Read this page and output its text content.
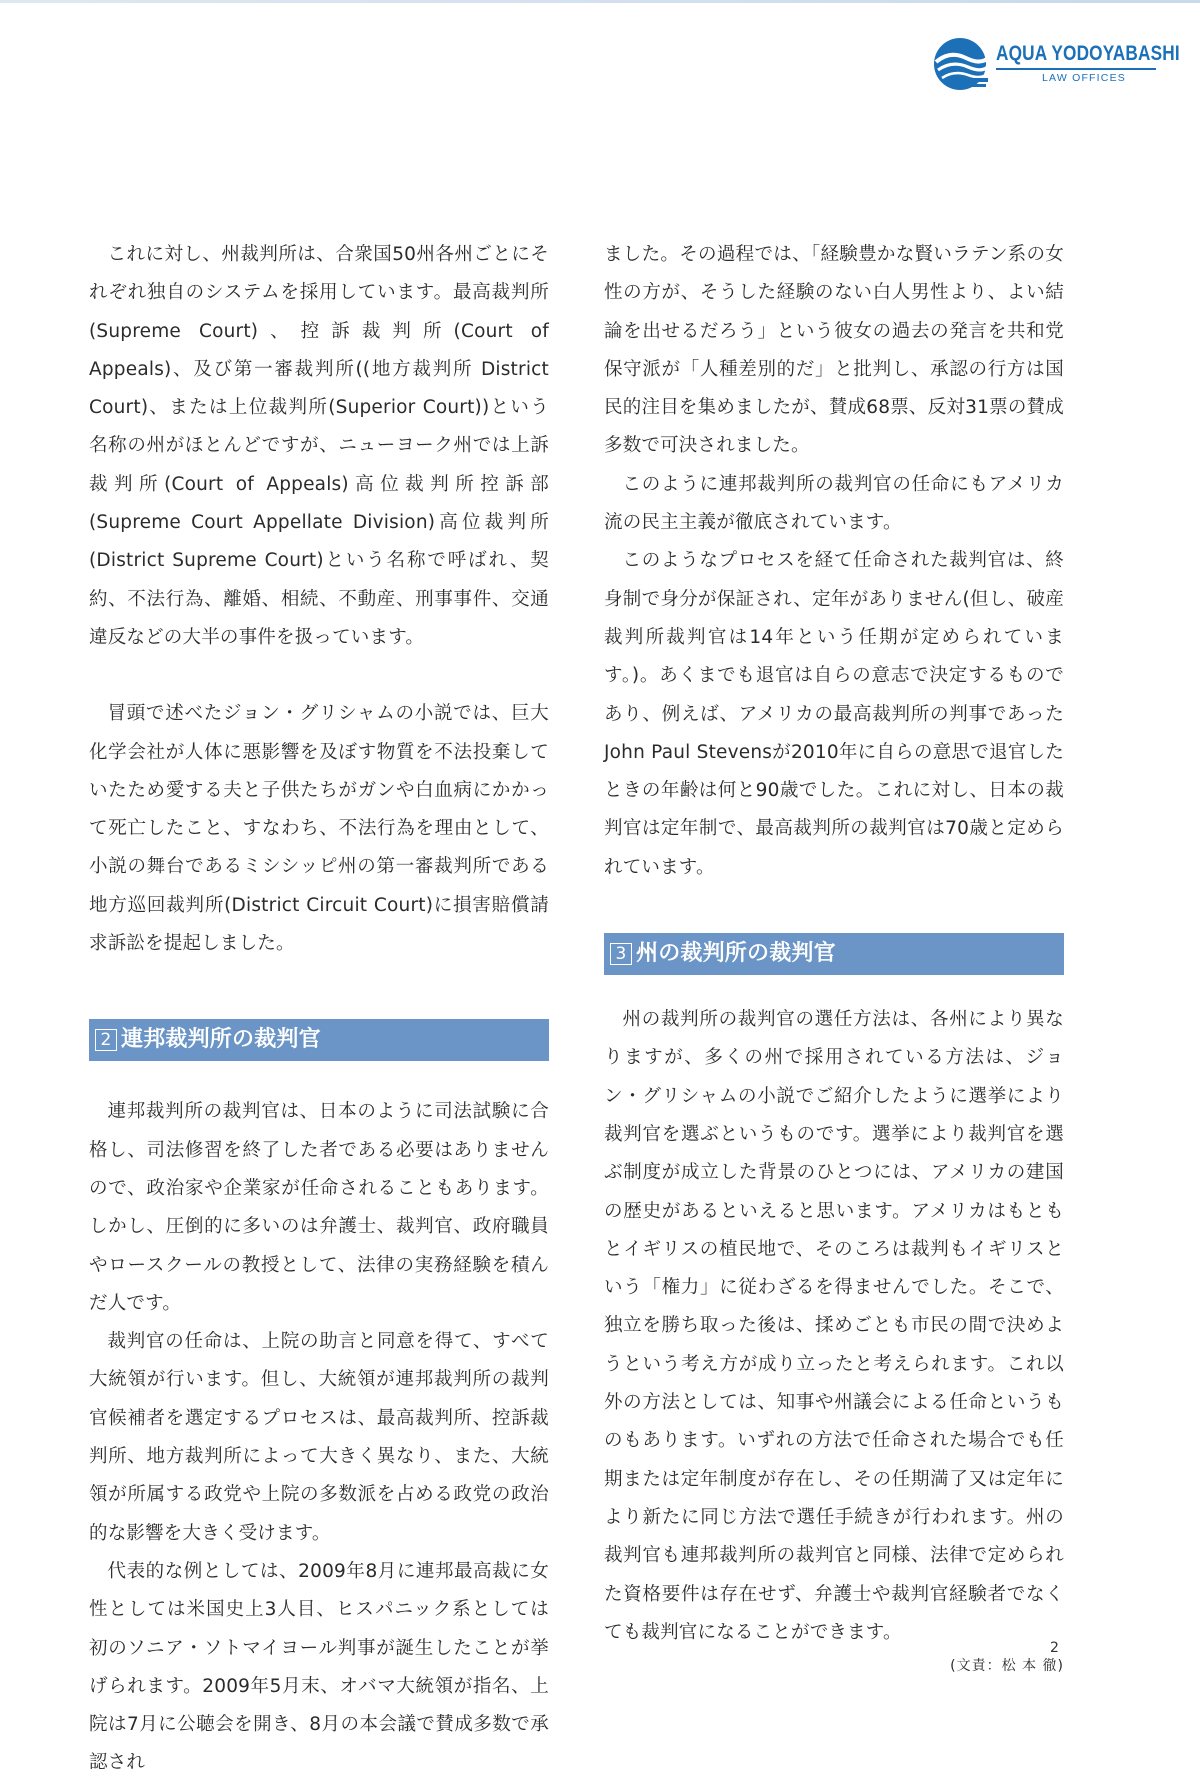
AQUA YODOYABASHI
LAW OFFICES

これに対し、州裁判所は、合衆国50州各州ごとにそれぞれ独自のシステムを採用しています。最高裁判所(Supreme Court)、控訴裁判所(Court of Appeals)、及び第一審裁判所((地方裁判所 District Court)、または上位裁判所(Superior Court))という名称の州がほとんどですが、ニューヨーク州では上訴裁判所(Court of Appeals)高位裁判所控訴部(Supreme Court Appellate Division)高位裁判所(District Supreme Court)という名称で呼ばれ、契約、不法行為、離婚、相続、不動産、刑事事件、交通違反などの大半の事件を扱っています。

冒頭で述べたジョン・グリシャムの小説では、巨大化学会社が人体に悪影響を及ぼす物質を不法投棄していたため愛する夫と子供たちがガンや白血病にかかって死亡したこと、すなわち、不法行為を理由として、小説の舞台であるミシシッピ州の第一審裁判所である地方巡回裁判所(District Circuit Court)に損害賠償請求訴訟を提起しました。

2 連邦裁判所の裁判官

連邦裁判所の裁判官は、日本のように司法試験に合格し、司法修習を終了した者である必要はありませんので、政治家や企業家が任命されることもあります。しかし、圧倒的に多いのは弁護士、裁判官、政府職員やロースクールの教授として、法律の実務経験を積んだ人です。

裁判官の任命は、上院の助言と同意を得て、すべて大統領が行います。但し、大統領が連邦裁判所の裁判官候補者を選定するプロセスは、最高裁判所、控訴裁判所、地方裁判所によって大きく異なり、また、大統領が所属する政党や上院の多数派を占める政党の政治的な影響を大きく受けます。

代表的な例としては、2009年8月に連邦最高裁に女性としては米国史上3人目、ヒスパニック系としては初のソニア・ソトマイヨール判事が誕生したことが挙げられます。2009年5月末、オバマ大統領が指名、上院は7月に公聴会を開き、8月の本会議で賛成多数で承認され

ました。その過程では、「経験豊かな賢いラテン系の女性の方が、そうした経験のない白人男性より、よい結論を出せるだろう」という彼女の過去の発言を共和党保守派が「人種差別的だ」と批判し、承認の行方は国民的注目を集めましたが、賛成68票、反対31票の賛成多数で可決されました。

このように連邦裁判所の裁判官の任命にもアメリカ流の民主主義が徹底されています。

このようなプロセスを経て任命された裁判官は、終身制で身分が保証され、定年がありません(但し、破産裁判所裁判官は14年という任期が定められています。)。あくまでも退官は自らの意志で決定するものであり、例えば、アメリカの最高裁判所の判事であったJohn Paul Stevensが2010年に自らの意思で退官したときの年齢は何と90歳でした。これに対し、日本の裁判官は定年制で、最高裁判所の裁判官は70歳と定められています。

3 州の裁判所の裁判官

州の裁判所の裁判官の選任方法は、各州により異なりますが、多くの州で採用されている方法は、ジョン・グリシャムの小説でご紹介したように選挙により裁判官を選ぶというものです。選挙により裁判官を選ぶ制度が成立した背景のひとつには、アメリカの建国の歴史があるといえると思います。アメリカはもともとイギリスの植民地で、そのころは裁判もイギリスという「権力」に従わざるを得ませんでした。そこで、独立を勝ち取った後は、揉めごとも市民の間で決めようという考え方が成り立ったと考えられます。これ以外の方法としては、知事や州議会による任命というものもあります。いずれの方法で任命された場合でも任期または定年制度が存在し、その任期満了又は定年により新たに同じ方法で選任手続きが行われます。州の裁判官も連邦裁判所の裁判官と同様、法律で定められた資格要件は存在せず、弁護士や裁判官経験者でなくても裁判官になることができます。

(文責：松 本 徹)
2
